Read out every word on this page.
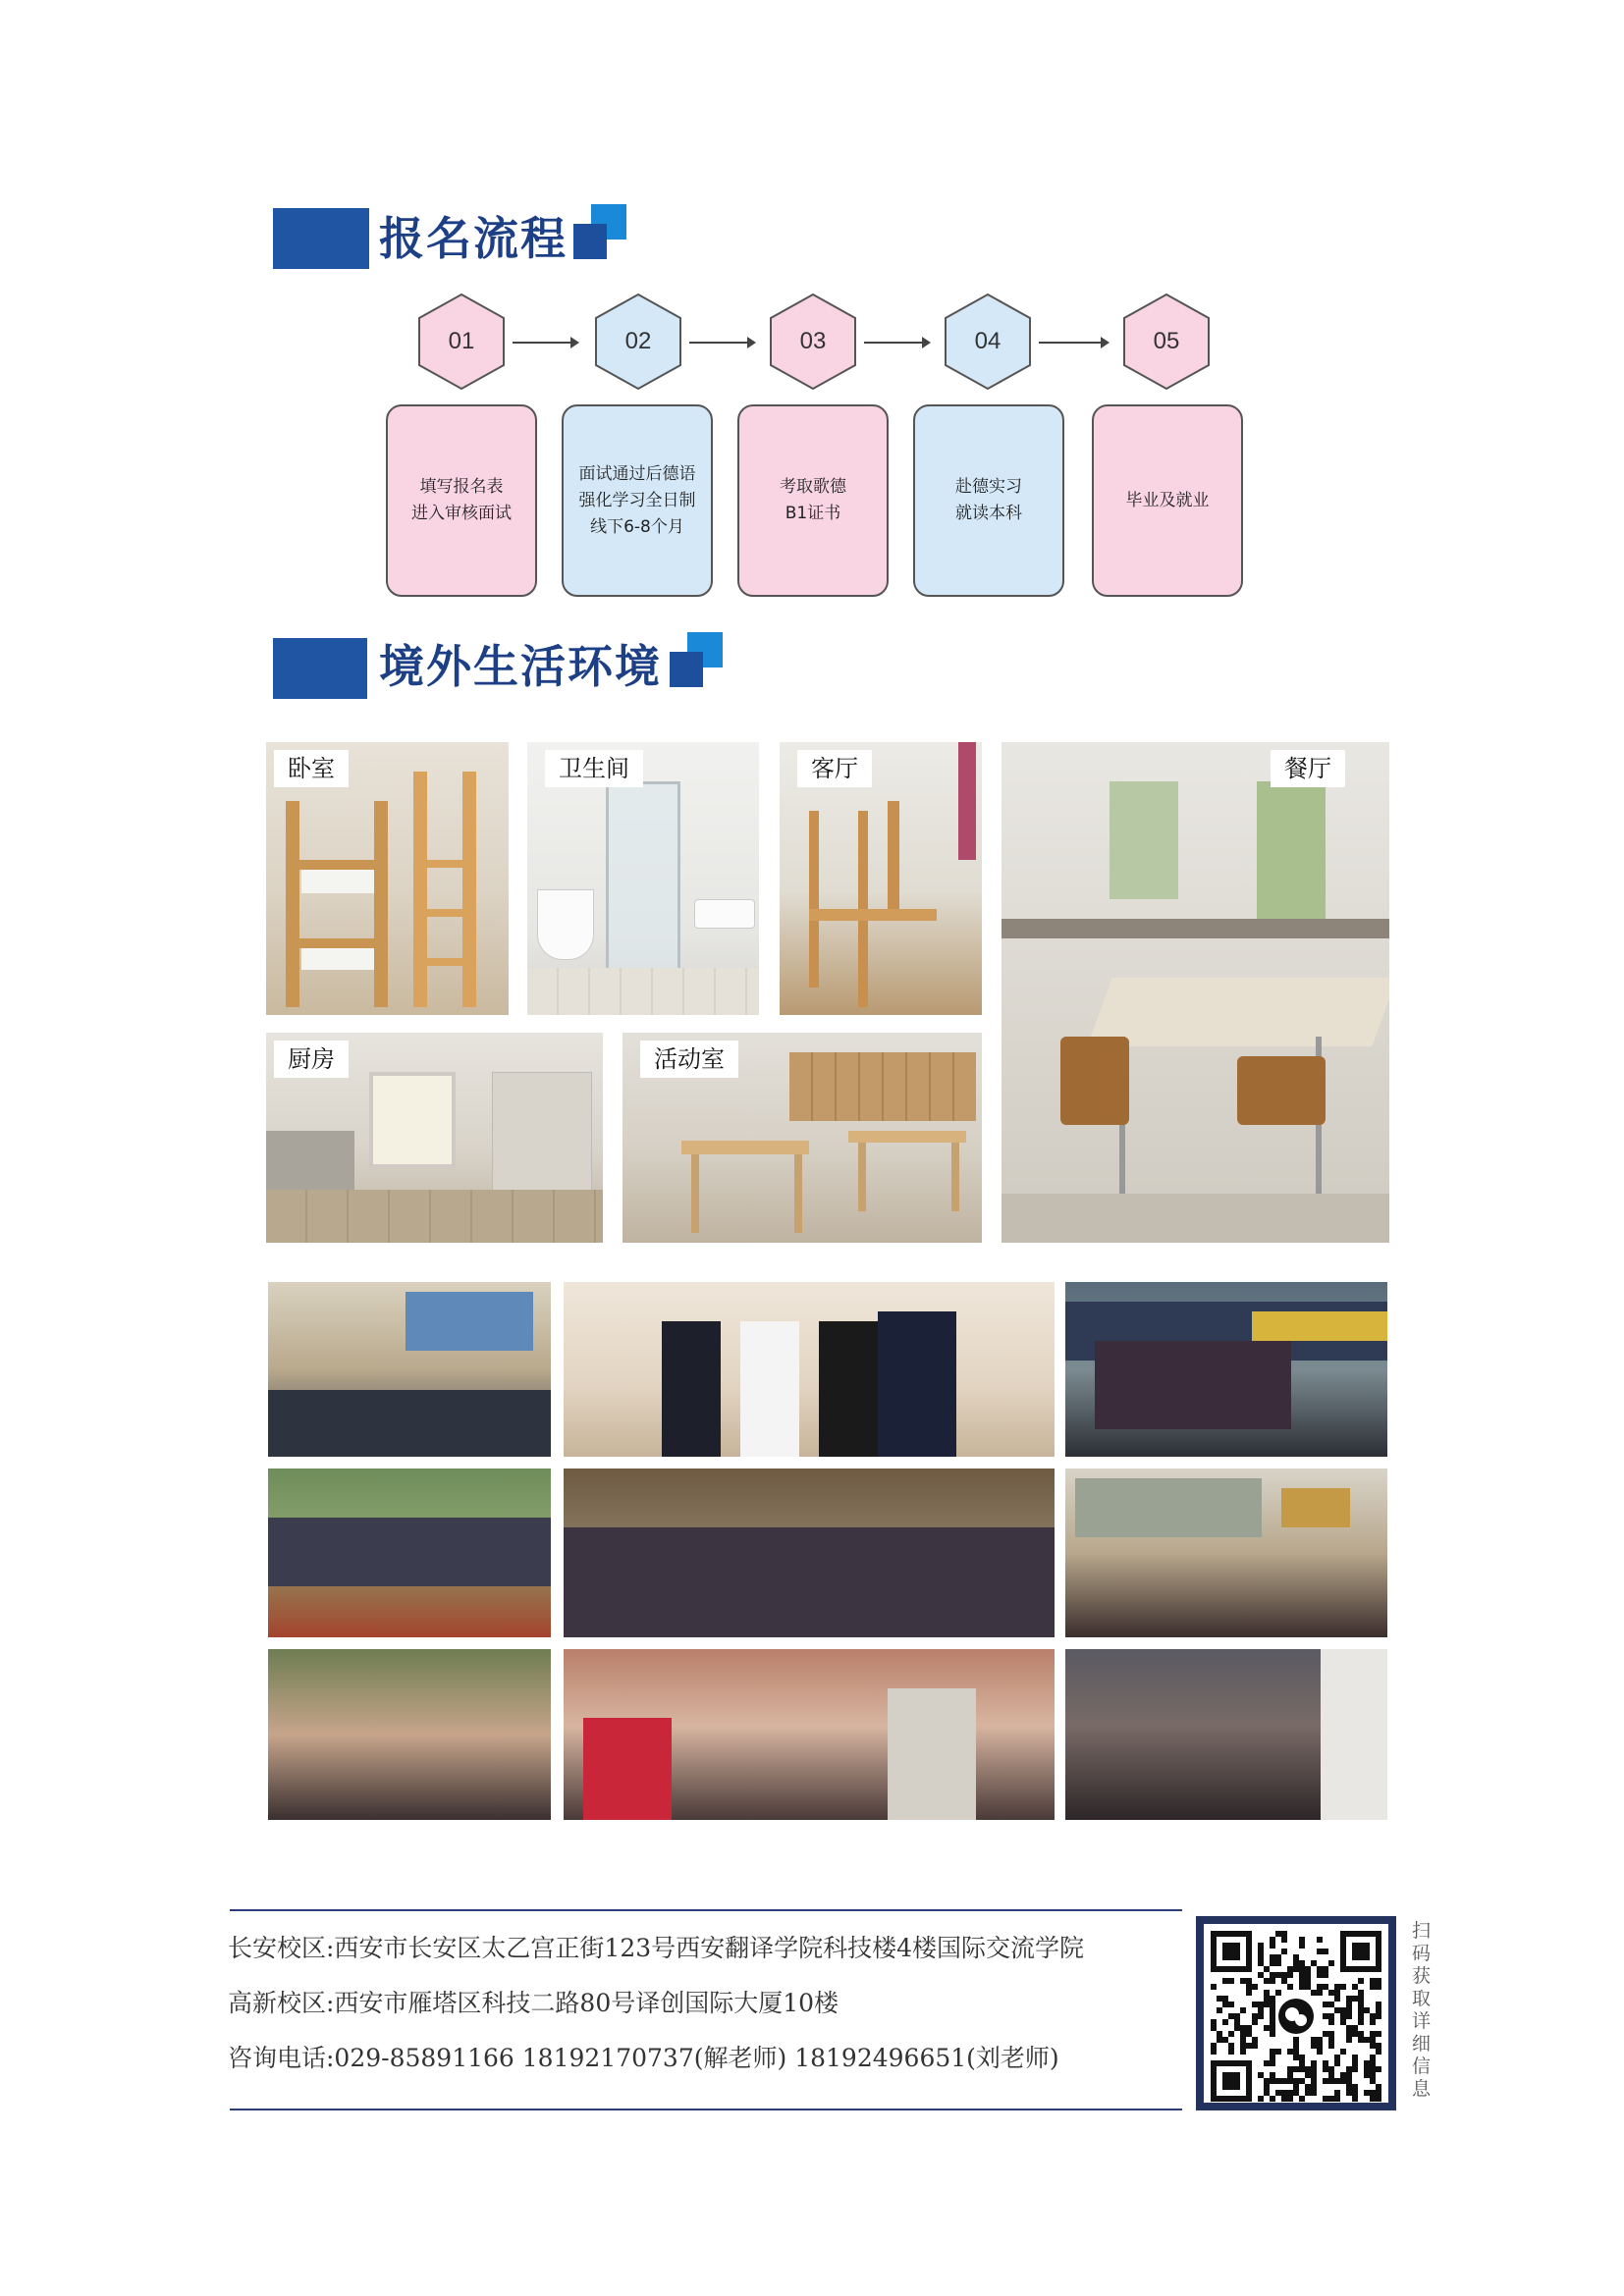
报名流程
01	02	03	04	05
填写报名表
进入审核面试
面试通过后德语
强化学习全日制
线下6-8个月
考取歌德
B1证书
赴德实习
就读本科
毕业及就业
境外生活环境
卧室	卫生间	客厅	餐厅
厨房	活动室
长安校区:西安市长安区太乙宫正街123号西安翻译学院科技楼4楼国际交流学院
高新校区:西安市雁塔区科技二路80号译创国际大厦10楼
咨询电话:029-85891166 18192170737(解老师) 18192496651(刘老师)
扫码获取详细信息
